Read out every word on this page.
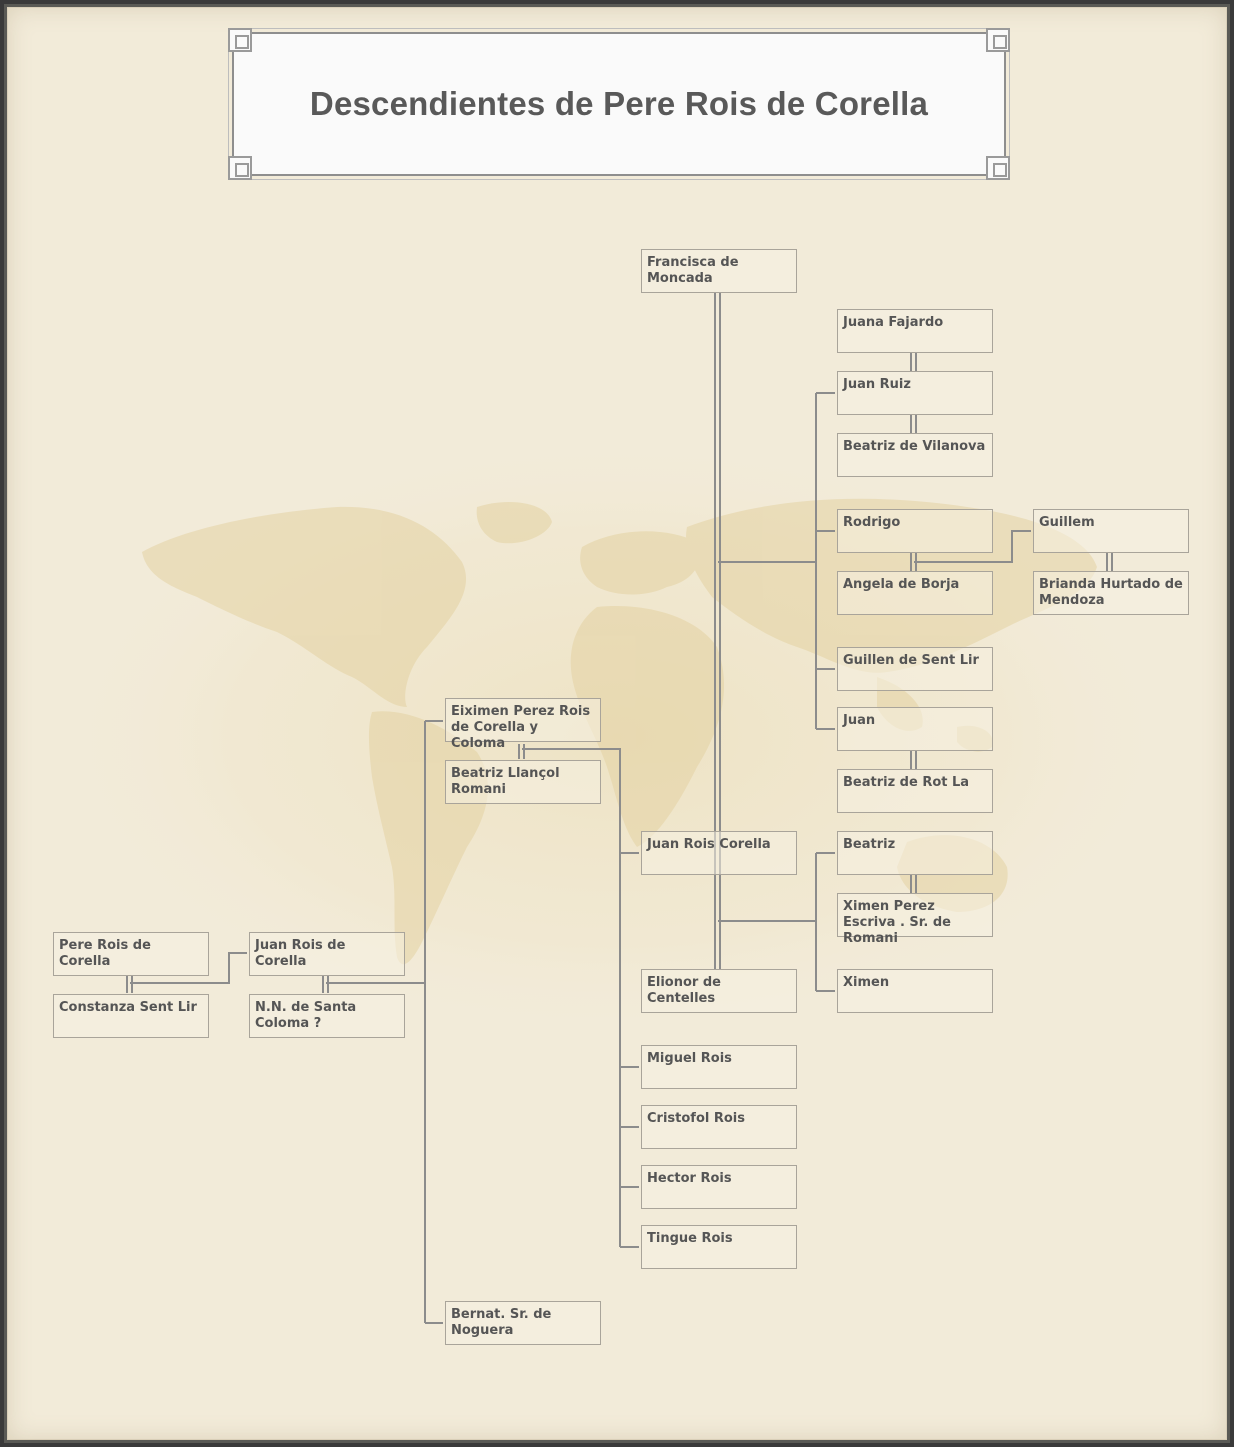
Descendientes de Pere Rois de Corella
Pere Rois de Corella
Constanza Sent Lir
Juan Rois de Corella
N.N. de Santa Coloma ?
Eiximen Perez Rois de Corella y Coloma
Beatriz Llançol Romani
Bernat. Sr. de Noguera
Francisca de Moncada
Juan Rois Corella
Elionor de Centelles
Miguel Rois
Cristofol Rois
Hector Rois
Tingue Rois
Juana Fajardo
Juan Ruiz
Beatriz de Vilanova
Rodrigo
Angela de Borja
Guillen de Sent Lir
Juan
Beatriz de Rot La
Beatriz
Ximen Perez Escriva . Sr. de Romani
Ximen
Guillem
Brianda Hurtado de Mendoza
